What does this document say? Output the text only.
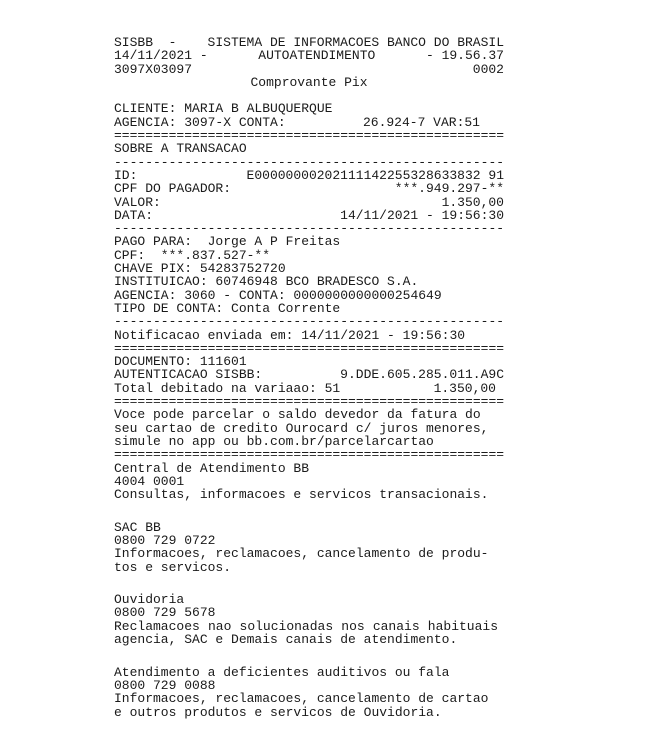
SISBB -	SISTEMA DE INFORMACOES BANCO DO BRASIL
14/11/2021 -	AUTOATENDIMENTO	- 19.56.37
3097X03097	0002
Comprovante Pix
CLIENTE: MARIA B ALBUQUERQUE
AGENCIA: 3097-X CONTA:	26.924-7 VAR:51
==================================================
SOBRE A TRANSACAO
--------------------------------------------------
ID:	E00000000202111142255328633832 91
CPF DO PAGADOR:	***.949.297-**
VALOR:	1.350,00
DATA:	14/11/2021 - 19:56:30
--------------------------------------------------
PAGO PARA:  Jorge A P Freitas
CPF:  ***.837.527-**
CHAVE PIX: 54283752720
INSTITUICAO: 60746948 BCO BRADESCO S.A.
AGENCIA: 3060 - CONTA: 0000000000000254649
TIPO DE CONTA: Conta Corrente
--------------------------------------------------
Notificacao enviada em: 14/11/2021 - 19:56:30
==================================================
DOCUMENTO: 111601
AUTENTICACAO SISBB:	9.DDE.605.285.011.A9C
Total debitado na variaao: 51	1.350,00
==================================================
Voce pode parcelar o saldo devedor da fatura do seu cartao de credito Ourocard c/ juros menores, simule no app ou bb.com.br/parcelarcartao
==================================================
Central de Atendimento BB
4004 0001
Consultas, informacoes e servicos transacionais.
SAC BB
0800 729 0722
Informacoes, reclamacoes, cancelamento de produ- tos e servicos.
Ouvidoria
0800 729 5678
Reclamacoes nao solucionadas nos canais habituais agencia, SAC e Demais canais de atendimento.
Atendimento a deficientes auditivos ou fala
0800 729 0088
Informacoes, reclamacoes, cancelamento de cartao e outros produtos e servicos de Ouvidoria.
